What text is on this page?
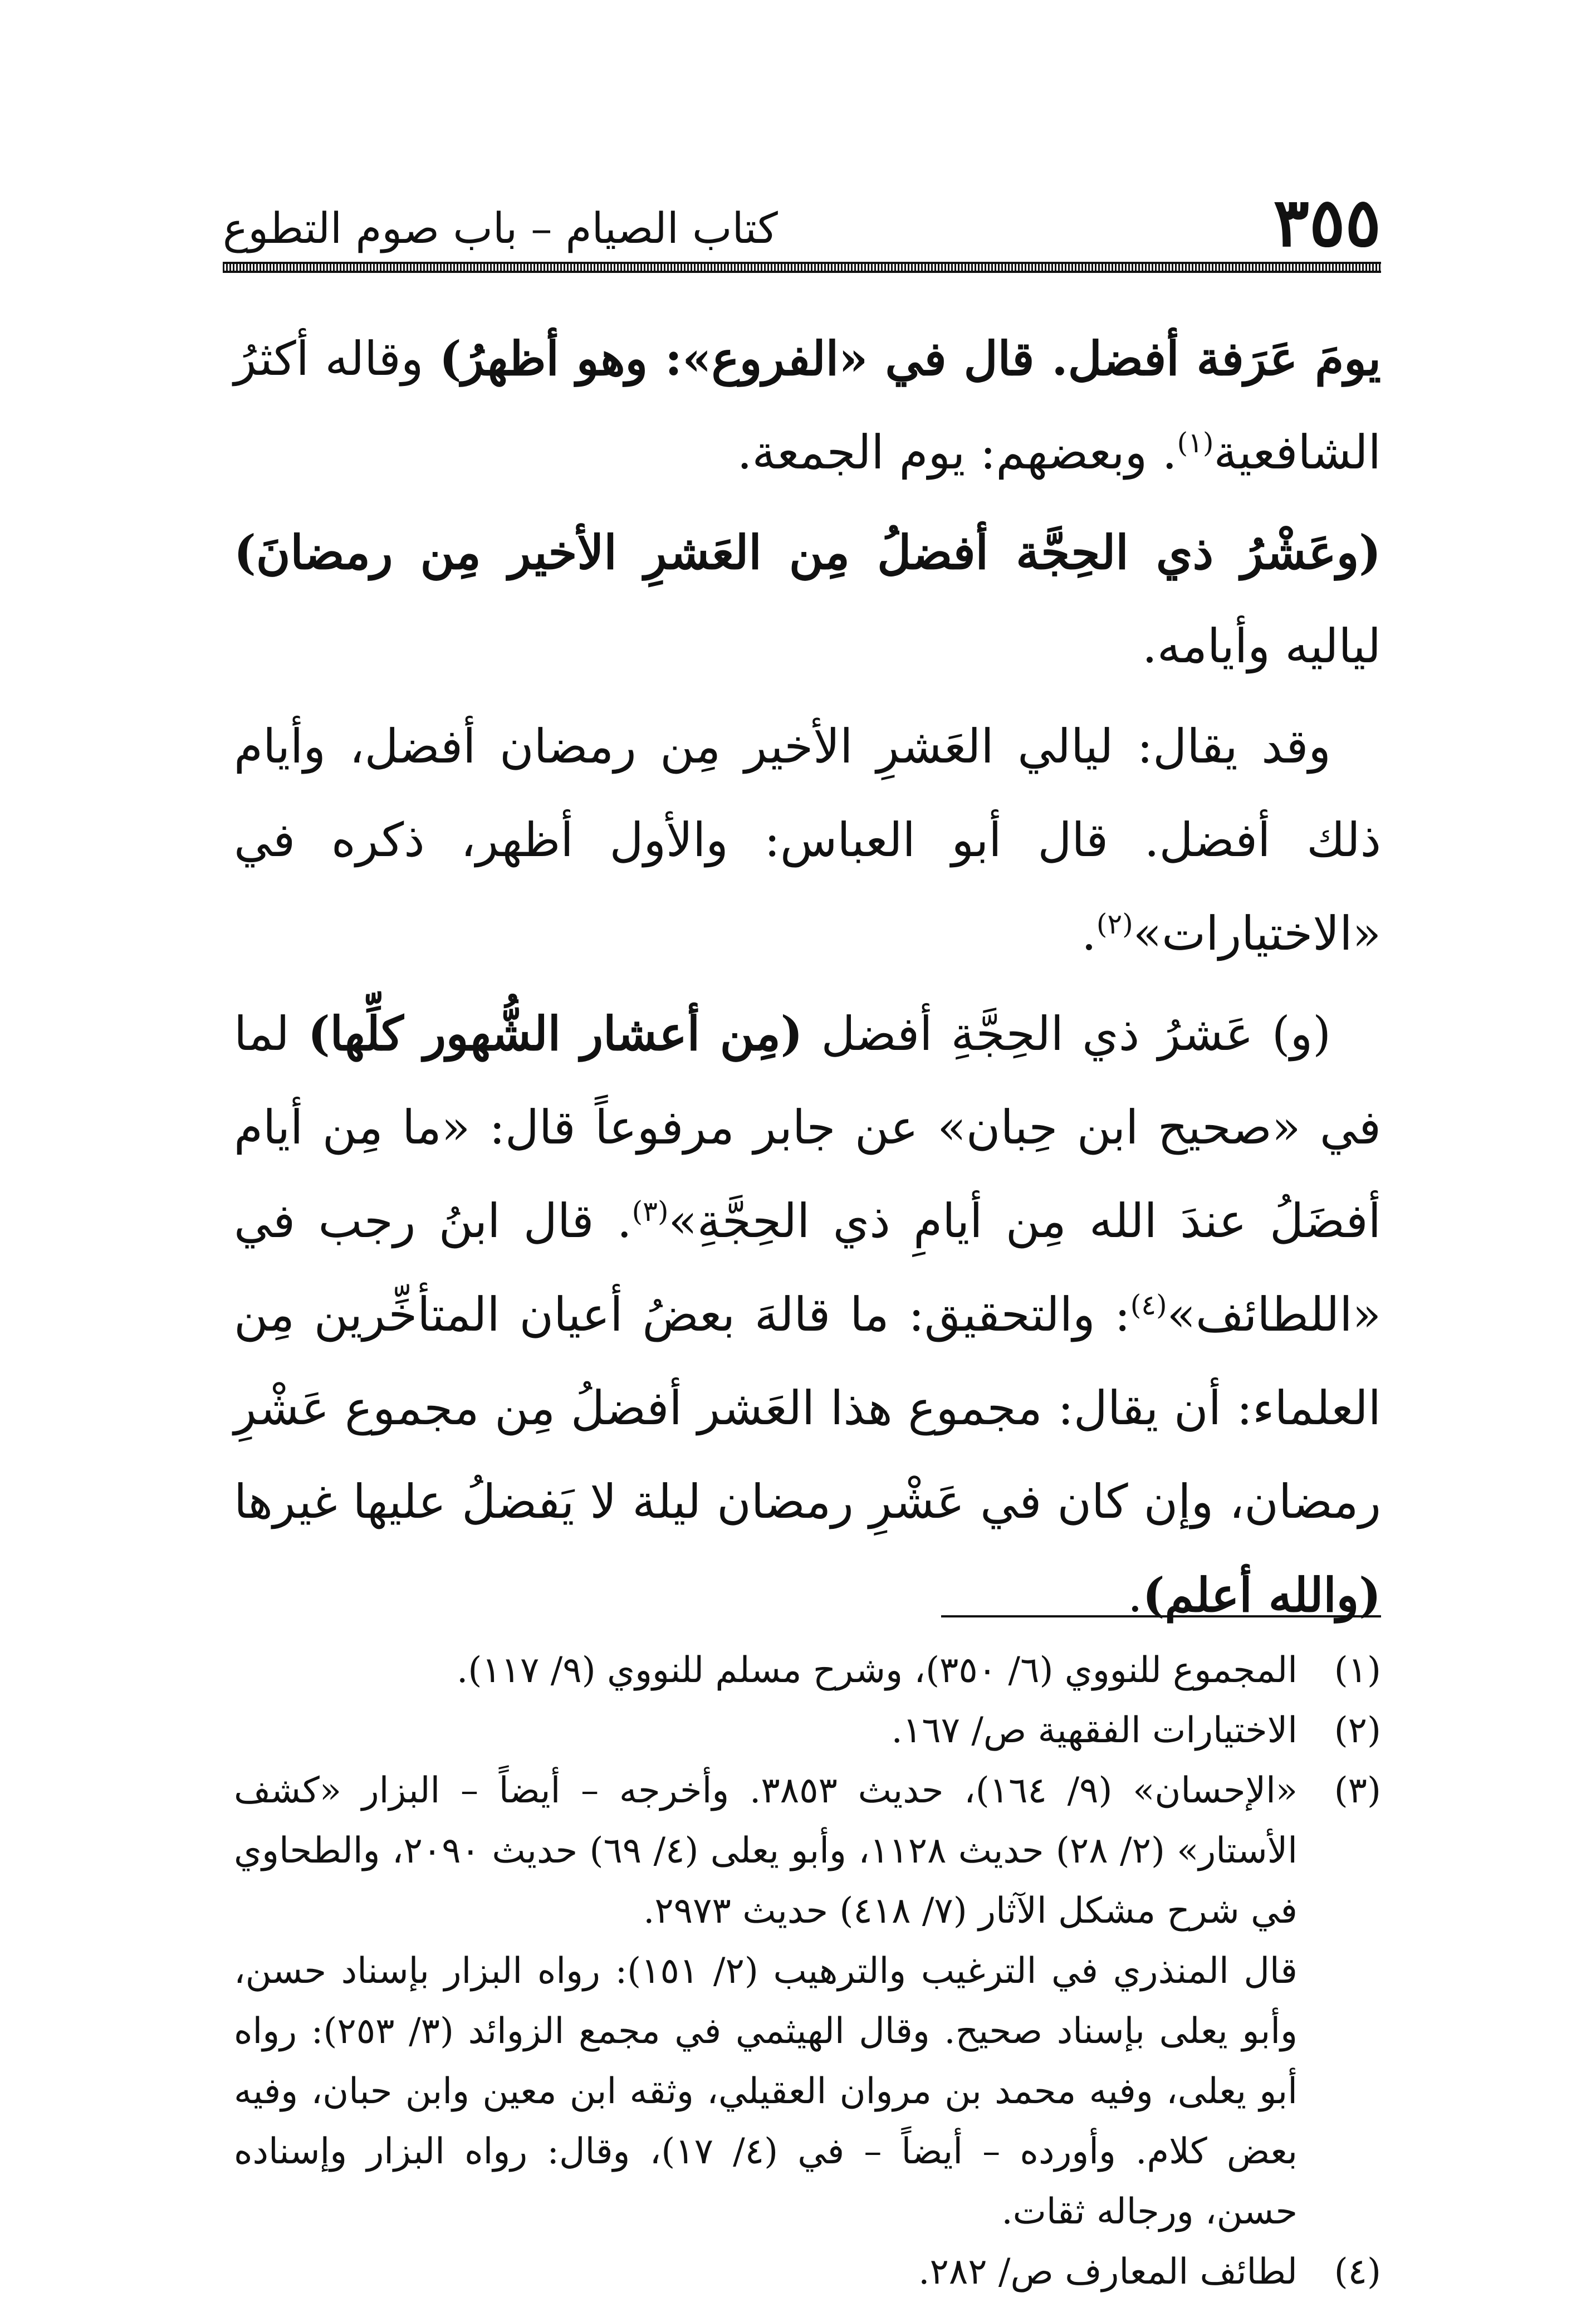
٣٥٥
كتاب الصيام – باب صوم التطوع

يومَ عَرَفة أفضل. قال في «الفروع»: وهو أظهرُ) وقاله أكثرُ الشافعية$^{(١)}$. وبعضهم: يوم الجمعة.

(وعَشْرُ ذي الحِجَّة أفضلُ مِن العَشرِ الأخير مِن رمضانَ) لياليه وأيامه.

وقد يقال: ليالي العَشرِ الأخير مِن رمضان أفضل، وأيام ذلك أفضل. قال أبو العباس: والأول أظهر، ذكره في «الاختيارات»$^{(٢)}$.

(و) عَشرُ ذي الحِجَّةِ أفضل (مِن أعشار الشُّهور كلِّها) لما في «صحيح ابن حِبان» عن جابر مرفوعاً قال: «ما مِن أيام أفضَلُ عندَ الله مِن أيامِ ذي الحِجَّةِ»$^{(٣)}$. قال ابنُ رجب في «اللطائف»$^{(٤)}$: والتحقيق: ما قالهَ بعضُ أعيان المتأخِّرين مِن العلماء: أن يقال: مجموع هذا العَشر أفضلُ مِن مجموع عَشْرِ رمضان، وإن كان في عَشْرِ رمضان ليلة لا يَفضلُ عليها غيرها (والله أعلم).

(١)
المجموع للنووي (٦/ ٣٥٠)، وشرح مسلم للنووي (٩/ ١١٧).
(٢)
الاختيارات الفقهية ص/ ١٦٧.
(٣)
«الإحسان» (٩/ ١٦٤)، حديث ٣٨٥٣. وأخرجه – أيضاً – البزار «كشف الأستار» (٢/ ٢٨) حديث ١١٢٨، وأبو يعلى (٤/ ٦٩) حديث ٢٠٩٠، والطحاوي في شرح مشكل الآثار (٧/ ٤١٨) حديث ٢٩٧٣.
قال المنذري في الترغيب والترهيب (٢/ ١٥١): رواه البزار بإسناد حسن، وأبو يعلى بإسناد صحيح. وقال الهيثمي في مجمع الزوائد (٣/ ٢٥٣): رواه أبو يعلى، وفيه محمد بن مروان العقيلي، وثقه ابن معين وابن حبان، وفيه بعض كلام. وأورده – أيضاً – في (٤/ ١٧)، وقال: رواه البزار وإسناده حسن، ورجاله ثقات.
(٤)
لطائف المعارف ص/ ٢٨٢.
